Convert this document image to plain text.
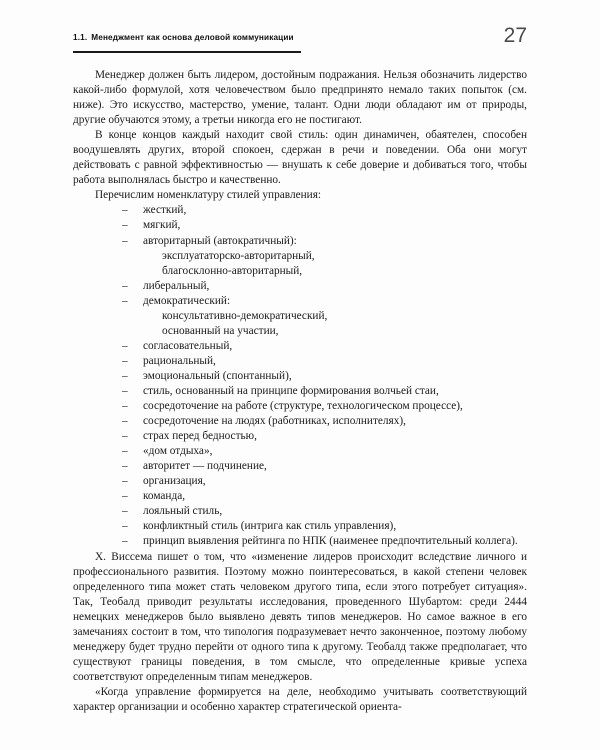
1.1. Менеджмент как основа деловой коммуникации	27

Менеджер должен быть лидером, достойным подражания. Нельзя обозначить лидерство какой-либо формулой, хотя человечеством было предпринято немало таких попыток (см. ниже). Это искусство, мастерство, умение, талант. Одни люди обладают им от природы, другие обучаются этому, а третьи никогда его не постигают.

В конце концов каждый находит свой стиль: один динамичен, обаятелен, способен воодушевлять других, второй спокоен, сдержан в речи и поведении. Оба они могут действовать с равной эффективностью — внушать к себе доверие и добиваться того, чтобы работа выполнялась быстро и качественно.

Перечислим номенклатуру стилей управления:

–	жесткий,
–	мягкий,
–	авторитарный (автократичный):
эксплуататорско-авторитарный,
благосклонно-авторитарный,
–	либеральный,
–	демократический:
консультативно-демократический,
основанный на участии,
–	согласовательный,
–	рациональный,
–	эмоциональный (спонтанный),
–	стиль, основанный на принципе формирования волчьей стаи,
–	сосредоточение на работе (структуре, технологическом процессе),
–	сосредоточение на людях (работниках, исполнителях),
–	страх перед бедностью,
–	«дом отдыха»,
–	авторитет — подчинение,
–	организация,
–	команда,
–	лояльный стиль,
–	конфликтный стиль (интрига как стиль управления),
–	принцип выявления рейтинга по НПК (наименее предпочтительный коллега).

Х. Виссема пишет о том, что «изменение лидеров происходит вследствие личного и профессионального развития. Поэтому можно поинтересоваться, в какой степени человек определенного типа может стать человеком другого типа, если этого потребует ситуация». Так, Теобалд приводит результаты исследования, проведенного Шубартом: среди 2444 немецких менеджеров было выявлено девять типов менеджеров. Но самое важное в его замечаниях состоит в том, что типология подразумевает нечто законченное, поэтому любому менеджеру будет трудно перейти от одного типа к другому. Теобалд также предполагает, что существуют границы поведения, в том смысле, что определенные кривые успеха соответствуют определенным типам менеджеров.

«Когда управление формируется на деле, необходимо учитывать соответствующий характер организации и особенно характер стратегической ориента-
